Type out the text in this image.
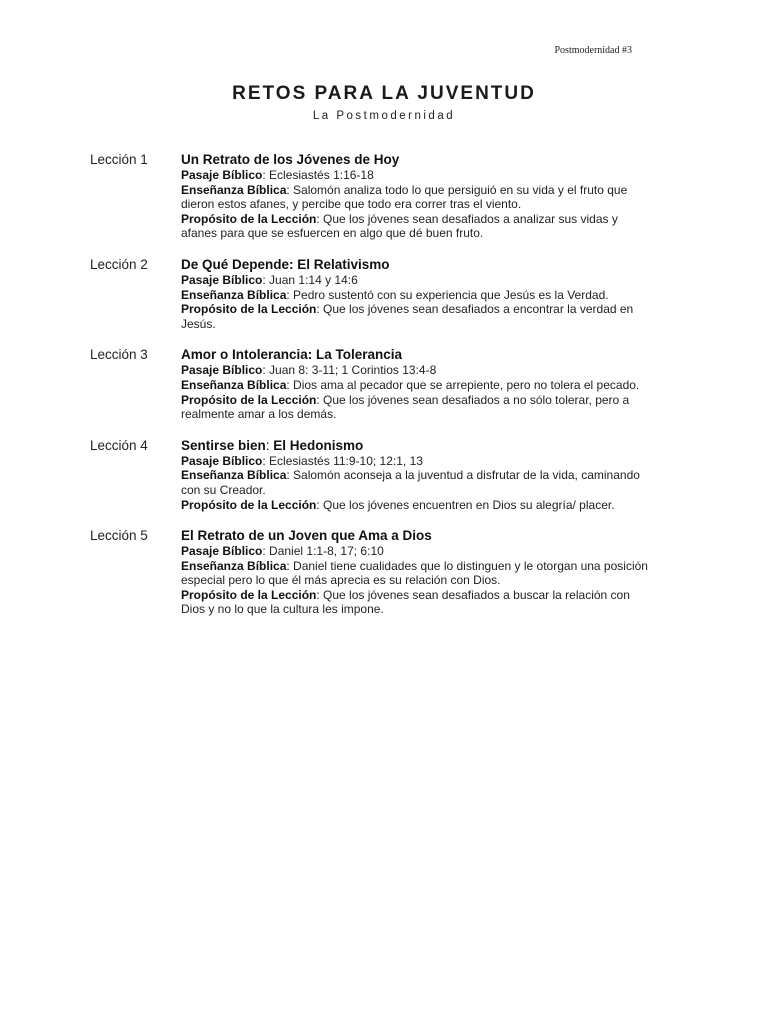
Postmodernidad #3
RETOS PARA LA JUVENTUD
La Postmodernidad
Lección 1	Un Retrato de los Jóvenes de Hoy
Pasaje Bíblico: Eclesiastés 1:16-18
Enseñanza Bíblica: Salomón analiza todo lo que persiguió en su vida y el fruto que dieron estos afanes, y percibe que todo era correr tras el viento.
Propósito de la Lección: Que los jóvenes sean desafiados a analizar sus vidas y afanes para que se esfuercen en algo que dé buen fruto.
Lección 2	De Qué Depende: El Relativismo
Pasaje Bíblico: Juan 1:14 y 14:6
Enseñanza Bíblica: Pedro sustentó con su experiencia que Jesús es la Verdad.
Propósito de la Lección: Que los jóvenes sean desafiados a encontrar la verdad en Jesús.
Lección 3	Amor o Intolerancia: La Tolerancia
Pasaje Bíblico: Juan 8: 3-11; 1 Corintios 13:4-8
Enseñanza Bíblica: Dios ama al pecador que se arrepiente, pero no tolera el pecado.
Propósito de la Lección: Que los jóvenes sean desafiados a no sólo tolerar, pero a realmente amar a los demás.
Lección 4	Sentirse bien: El Hedonismo
Pasaje Bíblico: Eclesiastés 11:9-10; 12:1, 13
Enseñanza Bíblica: Salomón aconseja a la juventud a disfrutar de la vida, caminando con su Creador.
Propósito de la Lección: Que los jóvenes encuentren en Dios su alegría/ placer.
Lección 5	El Retrato de un Joven que Ama a Dios
Pasaje Bíblico: Daniel 1:1-8, 17; 6:10
Enseñanza Bíblica: Daniel tiene cualidades que lo distinguen y le otorgan una posición especial pero lo que él más aprecia es su relación con Dios.
Propósito de la Lección: Que los jóvenes sean desafiados a buscar la relación con Dios y no lo que la cultura les impone.
